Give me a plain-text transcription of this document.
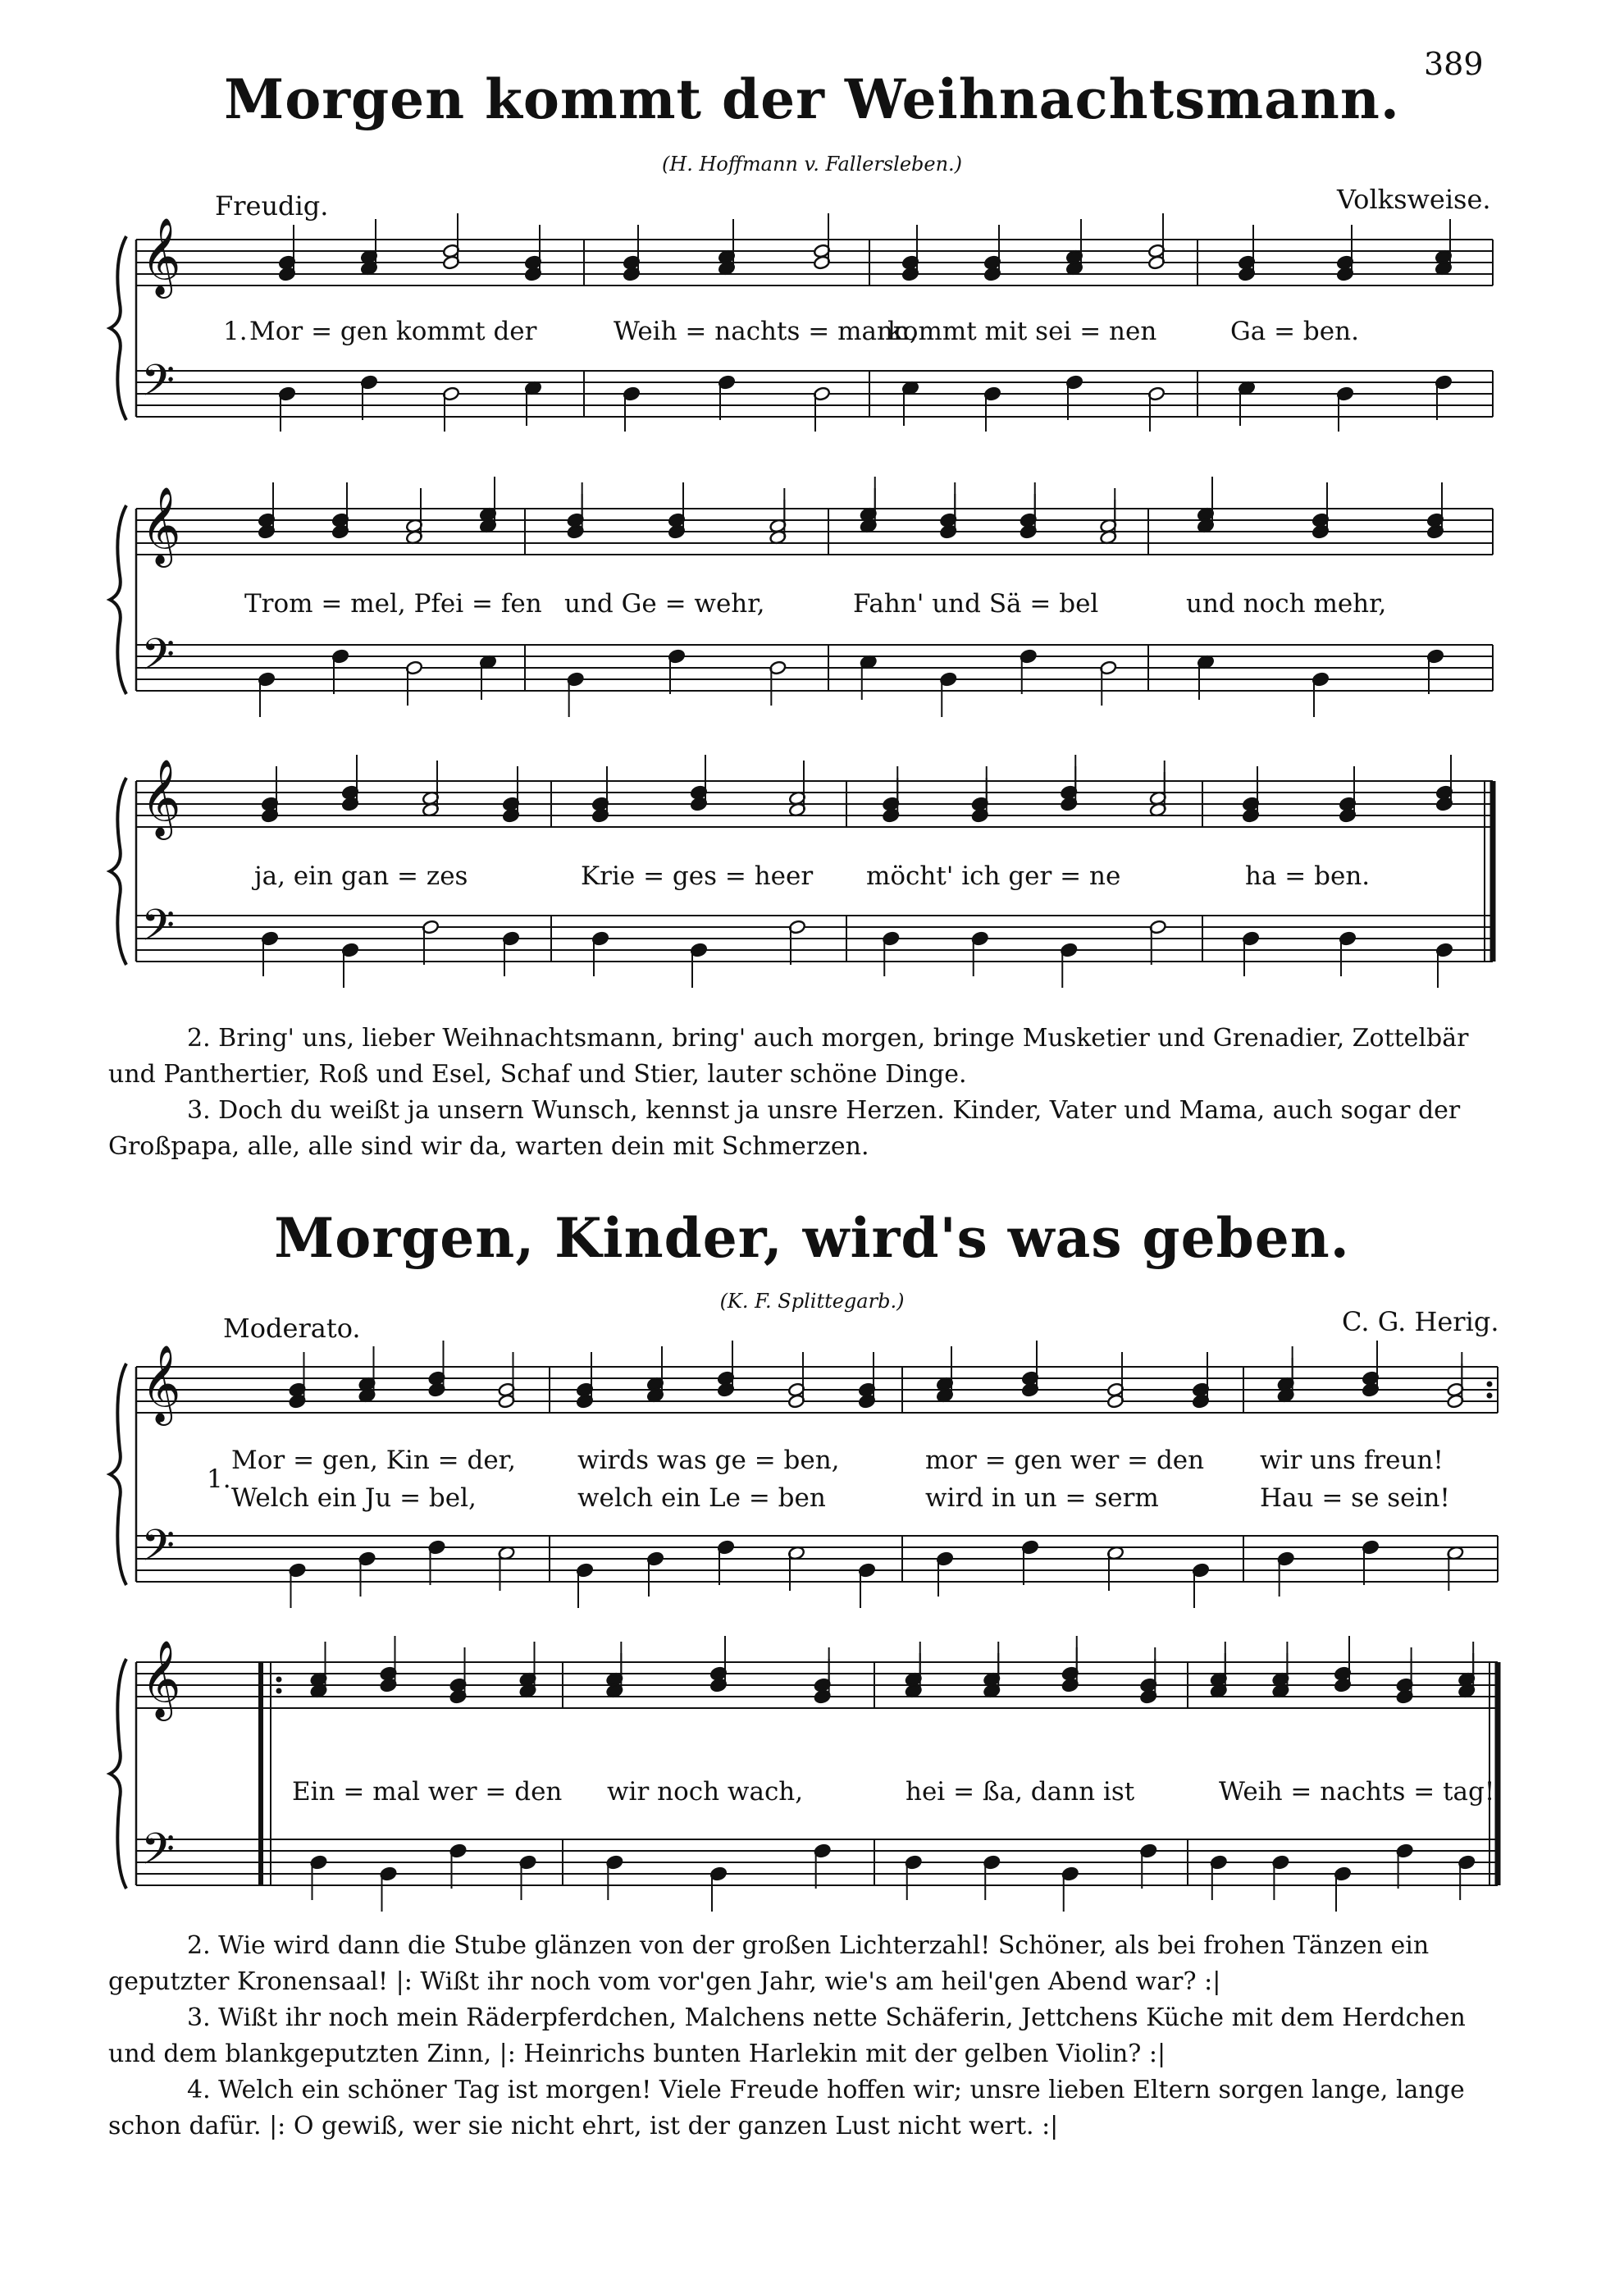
389
Morgen kommt der Weihnachtsmann.
(H. Hoffmann v. Fallersleben.)
Freudig.	Volksweise.
𝄞
𝄢
𝄞
𝄢
𝄞
𝄢
𝄞
𝄢
𝄞
𝄢
1. Mor = gen kommt der	Weih = nachts = mann,
kommt mit sei = nen	Ga = ben.
Trom = mel, Pfei = fen und Ge = wehr,	Fahn' und Sä = bel	und noch mehr,
ja, ein gan = zes	Krie = ges = heer möcht' ich ger = ne	ha = ben.

2. Bring' uns, lieber Weihnachtsmann, bring' auch morgen, bringe Musketier und Grenadier, Zottelbär und Panthertier, Roß und Esel, Schaf und Stier, lauter schöne Dinge.

3. Doch du weißt ja unsern Wunsch, kennst ja unsre Herzen. Kinder, Vater und Mama, auch sogar der Großpapa, alle, alle sind wir da, warten dein mit Schmerzen.

Morgen, Kinder, wird's was geben.
(K. F. Splittegarb.)
Moderato.	C. G. Herig.
1.
Mor = gen, Kin = der, wirds was ge = ben,	mor = gen wer = den wir uns freun!
Welch ein Ju = bel,	welch ein Le = ben	wird in un = serm	Hau = se sein!
Ein = mal wer = den wir noch wach,	hei = ßa, dann ist	Weih = nachts = tag!

2. Wie wird dann die Stube glänzen von der großen Lichterzahl! Schöner, als bei frohen Tänzen ein geputzter Kronensaal! |: Wißt ihr noch vom vor'gen Jahr, wie's am heil'gen Abend war? :|

3. Wißt ihr noch mein Räderpferdchen, Malchens nette Schäferin, Jettchens Küche mit dem Herdchen und dem blankgeputzten Zinn, |: Heinrichs bunten Harlekin mit der gelben Violin? :|

4. Welch ein schöner Tag ist morgen! Viele Freude hoffen wir; unsre lieben Eltern sorgen lange, lange schon dafür. |: O gewiß, wer sie nicht ehrt, ist der ganzen Lust nicht wert. :|
